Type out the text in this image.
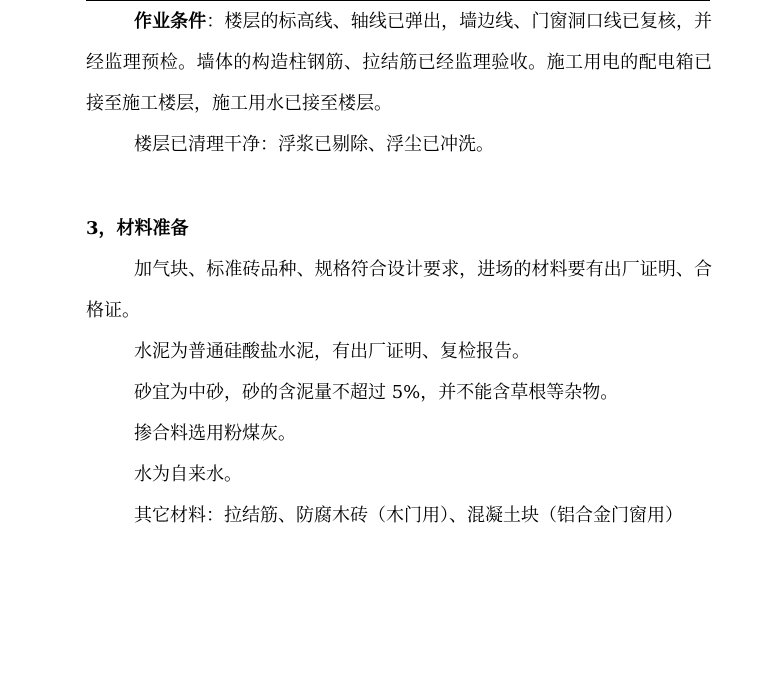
作业条件：楼层的标高线、轴线已弹出，墙边线、门窗洞口线已复核，并经监理预检。墙体的构造柱钢筋、拉结筋已经监理验收。施工用电的配电箱已接至施工楼层，施工用水已接至楼层。

楼层已清理干净：浮浆已剔除、浮尘已冲洗。

3，材料准备

加气块、标准砖品种、规格符合设计要求，进场的材料要有出厂证明、合格证。

水泥为普通硅酸盐水泥，有出厂证明、复检报告。

砂宜为中砂，砂的含泥量不超过 5%，并不能含草根等杂物。

掺合料选用粉煤灰。

水为自来水。

其它材料：拉结筋、防腐木砖（木门用）、混凝土块（铝合金门窗用）
